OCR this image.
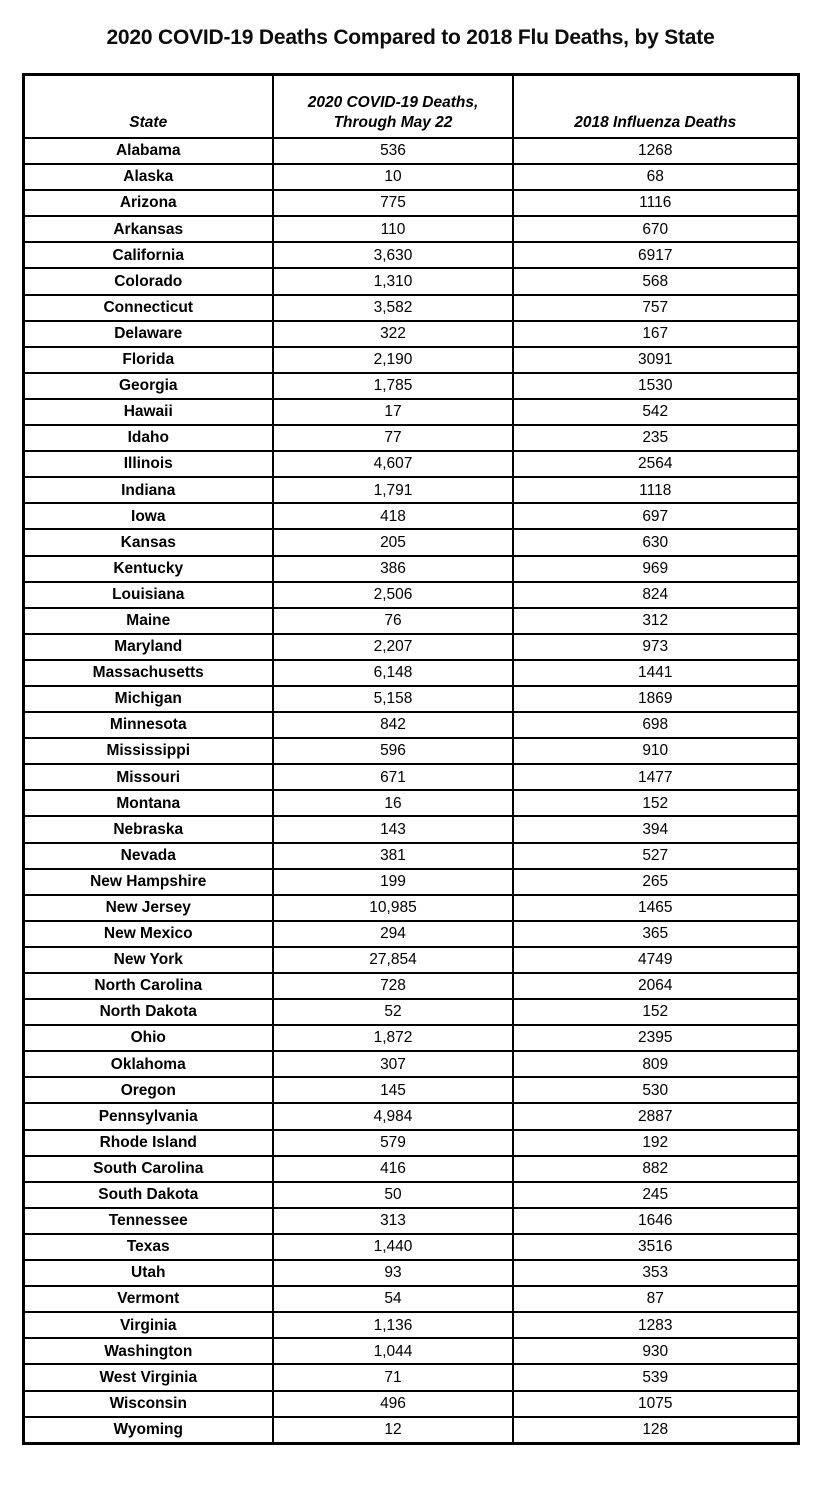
2020 COVID-19 Deaths Compared to 2018 Flu Deaths, by State
State	2020 COVID-19 Deaths, Through May 22	2018 Influenza Deaths
Alabama	536	1268
Alaska	10	68
Arizona	775	1116
Arkansas	110	670
California	3,630	6917
Colorado	1,310	568
Connecticut	3,582	757
Delaware	322	167
Florida	2,190	3091
Georgia	1,785	1530
Hawaii	17	542
Idaho	77	235
Illinois	4,607	2564
Indiana	1,791	1118
Iowa	418	697
Kansas	205	630
Kentucky	386	969
Louisiana	2,506	824
Maine	76	312
Maryland	2,207	973
Massachusetts	6,148	1441
Michigan	5,158	1869
Minnesota	842	698
Mississippi	596	910
Missouri	671	1477
Montana	16	152
Nebraska	143	394
Nevada	381	527
New Hampshire	199	265
New Jersey	10,985	1465
New Mexico	294	365
New York	27,854	4749
North Carolina	728	2064
North Dakota	52	152
Ohio	1,872	2395
Oklahoma	307	809
Oregon	145	530
Pennsylvania	4,984	2887
Rhode Island	579	192
South Carolina	416	882
South Dakota	50	245
Tennessee	313	1646
Texas	1,440	3516
Utah	93	353
Vermont	54	87
Virginia	1,136	1283
Washington	1,044	930
West Virginia	71	539
Wisconsin	496	1075
Wyoming	12	128
